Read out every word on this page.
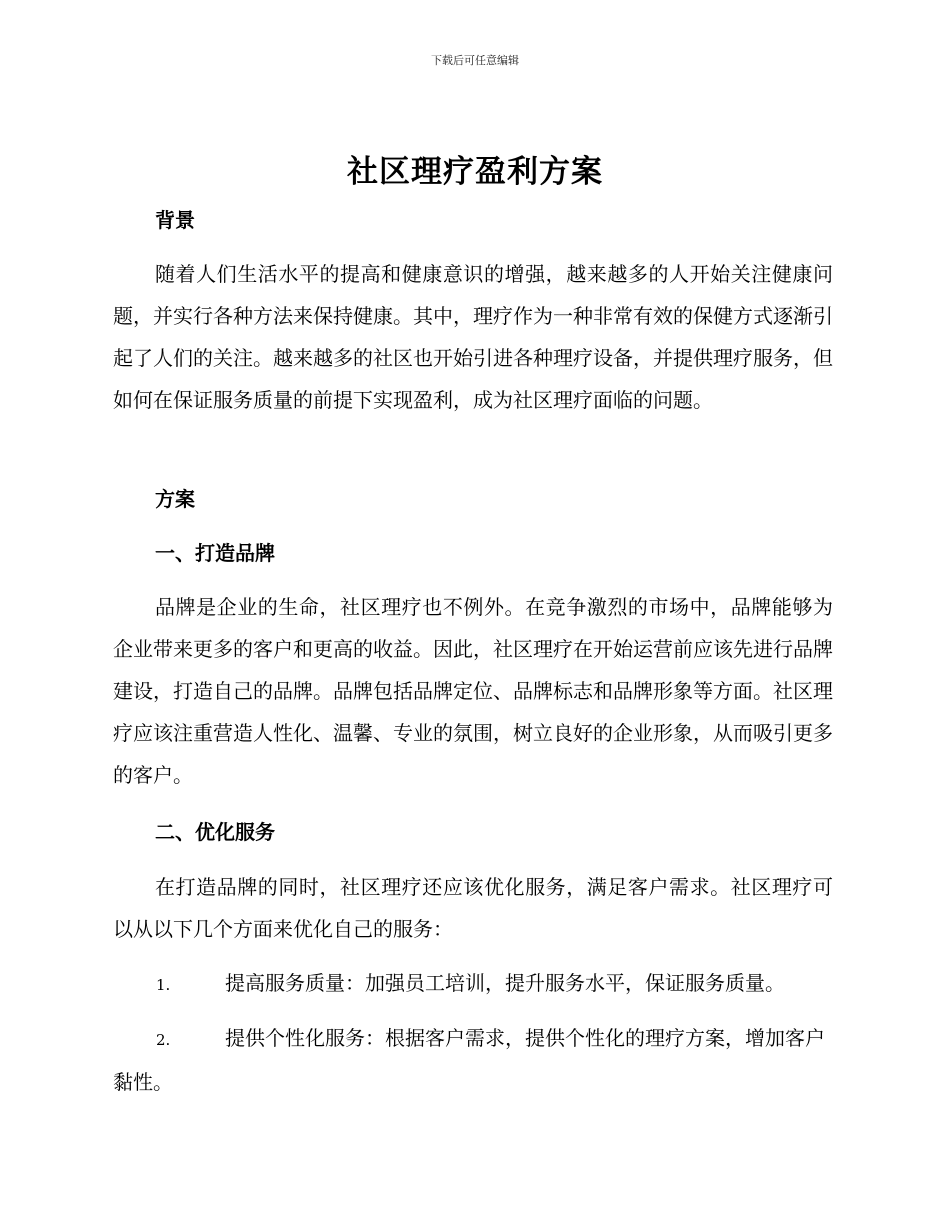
下载后可任意编辑
社区理疗盈利方案
背景

随着人们生活水平的提高和健康意识的增强，越来越多的人开始关注健康问题，并实行各种方法来保持健康。其中，理疗作为一种非常有效的保健方式逐渐引起了人们的关注。越来越多的社区也开始引进各种理疗设备，并提供理疗服务，但如何在保证服务质量的前提下实现盈利，成为社区理疗面临的问题。

方案
一、打造品牌

品牌是企业的生命，社区理疗也不例外。在竞争激烈的市场中，品牌能够为企业带来更多的客户和更高的收益。因此，社区理疗在开始运营前应该先进行品牌建设，打造自己的品牌。品牌包括品牌定位、品牌标志和品牌形象等方面。社区理疗应该注重营造人性化、温馨、专业的氛围，树立良好的企业形象，从而吸引更多的客户。

二、优化服务

在打造品牌的同时，社区理疗还应该优化服务，满足客户需求。社区理疗可以从以下几个方面来优化自己的服务：

1.	提高服务质量：加强员工培训，提升服务水平，保证服务质量。

2.	提供个性化服务：根据客户需求，提供个性化的理疗方案，增加客户黏性。
